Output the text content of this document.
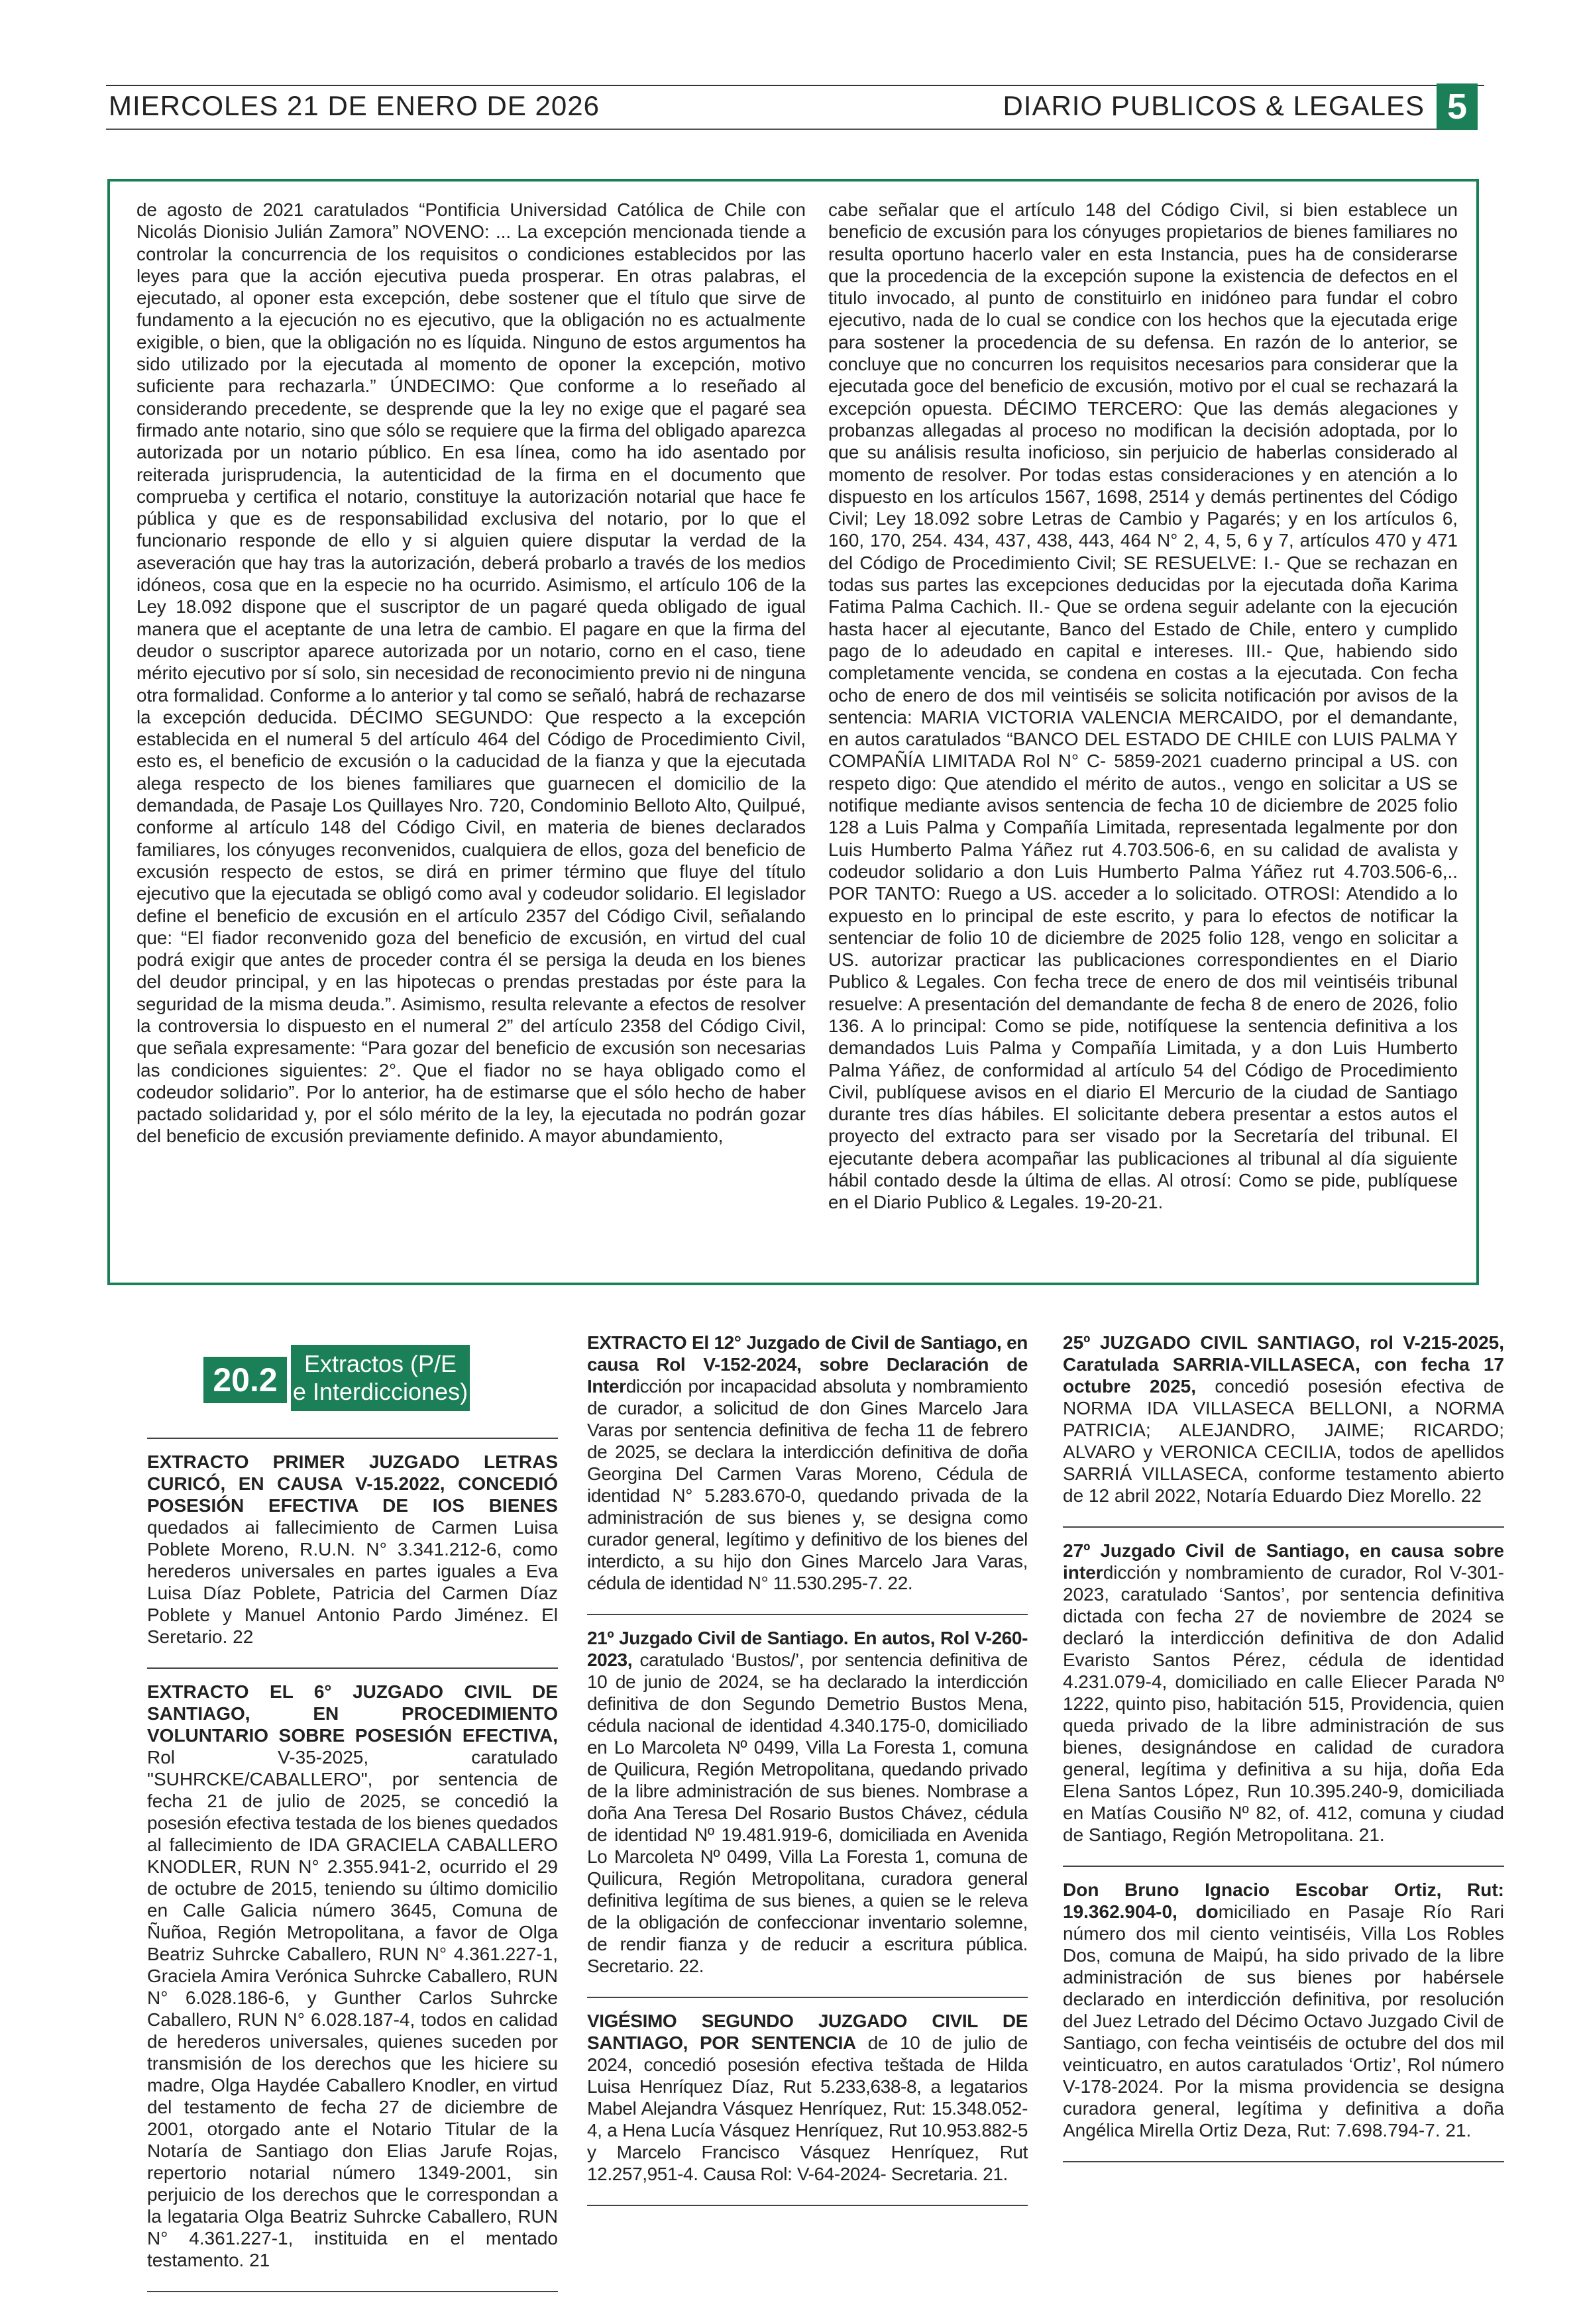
MIERCOLES 21 DE ENERO DE 2026	DIARIO PUBLICOS & LEGALES 5
de agosto de 2021 caratulados “Pontificia Universidad Católica de Chile con Nicolás Dionisio Julián Zamora” NOVENO: ... La excepción mencionada tiende a controlar la concurrencia de los requisitos o condiciones establecidos por las leyes para que la acción ejecutiva pueda prosperar. En otras palabras, el ejecutado, al oponer esta excepción, debe sostener que el título que sirve de fundamento a la ejecución no es ejecutivo, que la obligación no es actualmente exigible, o bien, que la obligación no es líquida. Ninguno de estos argumentos ha sido utilizado por la ejecutada al momento de oponer la excepción, motivo suficiente para rechazarla.” ÚNDECIMO: Que conforme a lo reseñado al considerando precedente, se desprende que la ley no exige que el pagaré sea firmado ante notario, sino que sólo se requiere que la firma del obligado aparezca autorizada por un notario público. En esa línea, como ha ido asentado por reiterada jurisprudencia, la autenticidad de la firma en el documento que comprueba y certifica el notario, constituye la autorización notarial que hace fe pública y que es de responsabilidad exclusiva del notario, por lo que el funcionario responde de ello y si alguien quiere disputar la verdad de la aseveración que hay tras la autorización, deberá probarlo a través de los medios idóneos, cosa que en la especie no ha ocurrido. Asimismo, el artículo 106 de la Ley 18.092 dispone que el suscriptor de un pagaré queda obligado de igual manera que el aceptante de una letra de cambio. El pagare en que la firma del deudor o suscriptor aparece autorizada por un notario, corno en el caso, tiene mérito ejecutivo por sí solo, sin necesidad de reconocimiento previo ni de ninguna otra formalidad. Conforme a lo anterior y tal como se señaló, habrá de rechazarse la excepción deducida. DÉCIMO SEGUNDO: Que respecto a la excepción establecida en el numeral 5 del artículo 464 del Código de Procedimiento Civil, esto es, el beneficio de excusión o la caducidad de la fianza y que la ejecutada alega respecto de los bienes familiares que guarnecen el domicilio de la demandada, de Pasaje Los Quillayes Nro. 720, Condominio Belloto Alto, Quilpué, conforme al artículo 148 del Código Civil, en materia de bienes declarados familiares, los cónyuges reconvenidos, cualquiera de ellos, goza del beneficio de excusión respecto de estos, se dirá en primer término que fluye del título ejecutivo que la ejecutada se obligó como aval y codeudor solidario. El legislador define el beneficio de excusión en el artículo 2357 del Código Civil, señalando que: “El fiador reconvenido goza del beneficio de excusión, en virtud del cual podrá exigir que antes de proceder contra él se persiga la deuda en los bienes del deudor principal, y en las hipotecas o prendas prestadas por éste para la seguridad de la misma deuda.”. Asimismo, resulta relevante a efectos de resolver la controversia lo dispuesto en el numeral 2” del artículo 2358 del Código Civil, que señala expresamente: “Para gozar del beneficio de excusión son necesarias las condiciones siguientes: 2°. Que el fiador no se haya obligado como el codeudor solidario”. Por lo anterior, ha de estimarse que el sólo hecho de haber pactado solidaridad y, por el sólo mérito de la ley, la ejecutada no podrán gozar del beneficio de excusión previamente definido. A mayor abundamiento,
cabe señalar que el artículo 148 del Código Civil, si bien establece un beneficio de excusión para los cónyuges propietarios de bienes familiares no resulta oportuno hacerlo valer en esta Instancia, pues ha de considerarse que la procedencia de la excepción supone la existencia de defectos en el titulo invocado, al punto de constituirlo en inidóneo para fundar el cobro ejecutivo, nada de lo cual se condice con los hechos que la ejecutada erige para sostener la procedencia de su defensa. En razón de lo anterior, se concluye que no concurren los requisitos necesarios para considerar que la ejecutada goce del beneficio de excusión, motivo por el cual se rechazará la excepción opuesta. DÉCIMO TERCERO: Que las demás alegaciones y probanzas allegadas al proceso no modifican la decisión adoptada, por lo que su análisis resulta inoficioso, sin perjuicio de haberlas considerado al momento de resolver. Por todas estas consideraciones y en atención a lo dispuesto en los artículos 1567, 1698, 2514 y demás pertinentes del Código Civil; Ley 18.092 sobre Letras de Cambio y Pagarés; y en los artículos 6, 160, 170, 254. 434, 437, 438, 443, 464 N° 2, 4, 5, 6 y 7, artículos 470 y 471 del Código de Procedimiento Civil; SE RESUELVE: I.- Que se rechazan en todas sus partes las excepciones deducidas por la ejecutada doña Karima Fatima Palma Cachich. II.- Que se ordena seguir adelante con la ejecución hasta hacer al ejecutante, Banco del Estado de Chile, entero y cumplido pago de lo adeudado en capital e intereses. III.- Que, habiendo sido completamente vencida, se condena en costas a la ejecutada. Con fecha ocho de enero de dos mil veintiséis se solicita notificación por avisos de la sentencia: MARIA VICTORIA VALENCIA MERCAIDO, por el demandante, en autos caratulados “BANCO DEL ESTADO DE CHILE con LUIS PALMA Y COMPAÑÍA LIMITADA Rol N° C- 5859-2021 cuaderno principal a US. con respeto digo: Que atendido el mérito de autos., vengo en solicitar a US se notifique mediante avisos sentencia de fecha 10 de diciembre de 2025 folio 128 a Luis Palma y Compañía Limitada, representada legalmente por don Luis Humberto Palma Yáñez rut 4.703.506-6, en su calidad de avalista y codeudor solidario a don Luis Humberto Palma Yáñez rut 4.703.506-6,.. POR TANTO: Ruego a US. acceder a lo solicitado. OTROSI: Atendido a lo expuesto en lo principal de este escrito, y para lo efectos de notificar la sentenciar de folio 10 de diciembre de 2025 folio 128, vengo en solicitar a US. autorizar practicar las publicaciones correspondientes en el Diario Publico & Legales. Con fecha trece de enero de dos mil veintiséis tribunal resuelve: A presentación del demandante de fecha 8 de enero de 2026, folio 136. A lo principal: Como se pide, notifíquese la sentencia definitiva a los demandados Luis Palma y Compañía Limitada, y a don Luis Humberto Palma Yáñez, de conformidad al artículo 54 del Código de Procedimiento Civil, publíquese avisos en el diario El Mercurio de la ciudad de Santiago durante tres días hábiles. El solicitante debera presentar a estos autos el proyecto del extracto para ser visado por la Secretaría del tribunal. El ejecutante debera acompañar las publicaciones al tribunal al día siguiente hábil contado desde la última de ellas. Al otrosí: Como se pide, publíquese en el Diario Publico & Legales. 19-20-21.
20.2	Extractos (P/E
e Interdicciones)
EXTRACTO PRIMER JUZGADO LETRAS CURICÓ, EN CAUSA V-15.2022, CONCEDIÓ POSESIÓN EFECTIVA DE IOS BIENES quedados ai fallecimiento de Carmen Luisa Poblete Moreno, R.U.N. N° 3.341.212-6, como herederos universales en partes iguales a Eva Luisa Díaz Poblete, Patricia del Carmen Díaz Poblete y Manuel Antonio Pardo Jiménez. El Seretario. 22
EXTRACTO EL 6° JUZGADO CIVIL DE SANTIAGO, EN PROCEDIMIENTO VOLUNTARIO SOBRE POSESIÓN EFECTIVA, Rol V-35-2025, caratulado "SUHRCKE/CABALLERO", por sentencia de fecha 21 de julio de 2025, se concedió la posesión efectiva testada de los bienes quedados al fallecimiento de IDA GRACIELA CABALLERO KNODLER, RUN N° 2.355.941-2, ocurrido el 29 de octubre de 2015, teniendo su último domicilio en Calle Galicia número 3645, Comuna de Ñuñoa, Región Metropolitana, a favor de Olga Beatriz Suhrcke Caballero, RUN N° 4.361.227-1, Graciela Amira Verónica Suhrcke Caballero, RUN N° 6.028.186-6, y Gunther Carlos Suhrcke Caballero, RUN N° 6.028.187-4, todos en calidad de herederos universales, quienes suceden por transmisión de los derechos que les hiciere su madre, Olga Haydée Caballero Knodler, en virtud del testamento de fecha 27 de diciembre de 2001, otorgado ante el Notario Titular de la Notaría de Santiago don Elias Jarufe Rojas, repertorio notarial número 1349-2001, sin perjuicio de los derechos que le correspondan a la legataria Olga Beatriz Suhrcke Caballero, RUN N° 4.361.227-1, instituida en el mentado testamento. 21
EXTRACTO El 12° Juzgado de Civil de Santiago, en causa Rol V-152-2024, sobre Declaración de Interdicción por incapacidad absoluta y nombramiento de curador, a solicitud de don Gines Marcelo Jara Varas por sentencia definitiva de fecha 11 de febrero de 2025, se declara la interdicción definitiva de doña Georgina Del Carmen Varas Moreno, Cédula de identidad N° 5.283.670-0, quedando privada de la administración de sus bienes y, se designa como curador general, legítimo y definitivo de los bienes del interdicto, a su hijo don Gines Marcelo Jara Varas, cédula de identidad N° 11.530.295-7. 22.
21º Juzgado Civil de Santiago. En autos, Rol V-260-2023, caratulado ‘Bustos/’, por sentencia definitiva de 10 de junio de 2024, se ha declarado la interdicción definitiva de don Segundo Demetrio Bustos Mena, cédula nacional de identidad 4.340.175-0, domiciliado en Lo Marcoleta Nº 0499, Villa La Foresta 1, comuna de Quilicura, Región Metropolitana, quedando privado de la libre administración de sus bienes. Nombrase a doña Ana Teresa Del Rosario Bustos Chávez, cédula de identidad Nº 19.481.919-6, domiciliada en Avenida Lo Marcoleta Nº 0499, Villa La Foresta 1, comuna de Quilicura, Región Metropolitana, curadora general definitiva legítima de sus bienes, a quien se le releva de la obligación de confeccionar inventario solemne, de rendir fianza y de reducir a escritura pública. Secretario. 22.
VIGÉSIMO SEGUNDO JUZGADO CIVIL DE SANTIAGO, POR SENTENCIA de 10 de julio de 2024, concedió posesión efectiva teštada de Hilda Luisa Henríquez Díaz, Rut 5.233,638-8, a legatarios Mabel Alejandra Vásquez Henríquez, Rut: 15.348.052-4, a Hena Lucía Vásquez Henríquez, Rut 10.953.882-5 y Marcelo Francisco Vásquez Henríquez, Rut 12.257,951-4. Causa Rol: V-64-2024- Secretaria. 21.
25º JUZGADO CIVIL SANTIAGO, rol V-215-2025, Caratulada SARRIA-VILLASECA, con fecha 17 octubre 2025, concedió posesión efectiva de NORMA IDA VILLASECA BELLONI, a NORMA PATRICIA; ALEJANDRO, JAIME; RICARDO; ALVARO y VERONICA CECILIA, todos de apellidos SARRIÁ VILLASECA, conforme testamento abierto de 12 abril 2022, Notaría Eduardo Diez Morello. 22
27º Juzgado Civil de Santiago, en causa sobre interdicción y nombramiento de curador, Rol V-301-2023, caratulado ‘Santos’, por sentencia definitiva dictada con fecha 27 de noviembre de 2024 se declaró la interdicción definitiva de don Adalid Evaristo Santos Pérez, cédula de identidad 4.231.079-4, domiciliado en calle Eliecer Parada Nº 1222, quinto piso, habitación 515, Providencia, quien queda privado de la libre administración de sus bienes, designándose en calidad de curadora general, legítima y definitiva a su hija, doña Eda Elena Santos López, Run 10.395.240-9, domiciliada en Matías Cousiño Nº 82, of. 412, comuna y ciudad de Santiago, Región Metropolitana. 21.
Don Bruno Ignacio Escobar Ortiz, Rut: 19.362.904-0, domiciliado en Pasaje Río Rari número dos mil ciento veintiséis, Villa Los Robles Dos, comuna de Maipú, ha sido privado de la libre administración de sus bienes por habérsele declarado en interdicción definitiva, por resolución del Juez Letrado del Décimo Octavo Juzgado Civil de Santiago, con fecha veintiséis de octubre del dos mil veinticuatro, en autos caratulados ‘Ortiz’, Rol número V-178-2024. Por la misma providencia se designa curadora general, legítima y definitiva a doña Angélica Mirella Ortiz Deza, Rut: 7.698.794-7. 21.
